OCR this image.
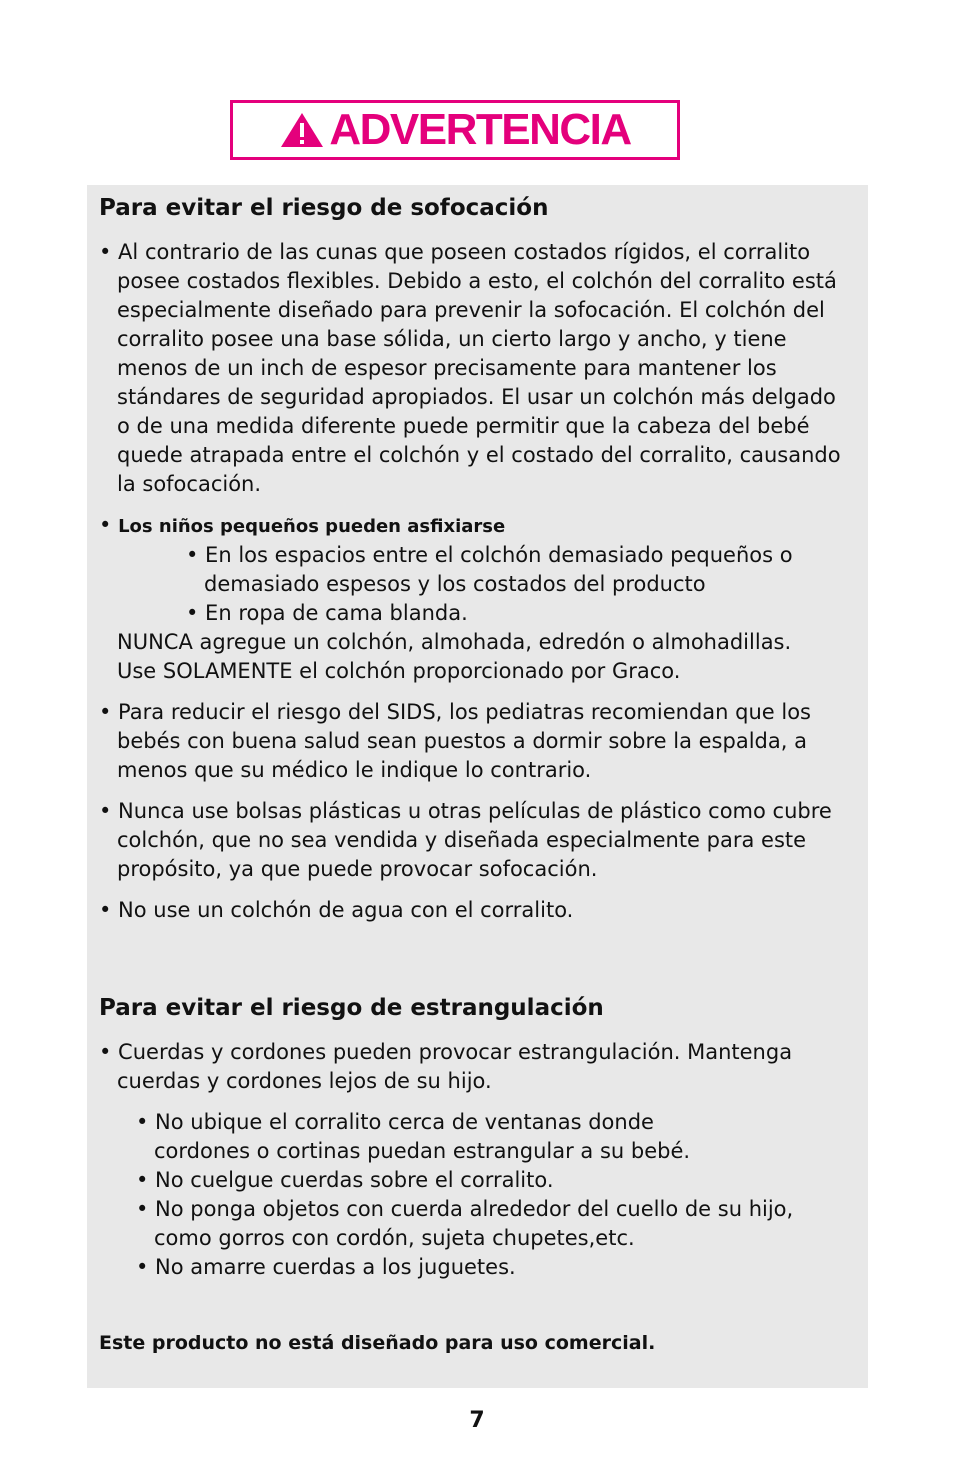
ADVERTENCIA
Para evitar el riesgo de sofocación
• Al contrario de las cunas que poseen costados rígidos, el corralito
posee costados flexibles. Debido a esto, el colchón del corralito está
especialmente diseñado para prevenir la sofocación. El colchón del
corralito posee una base sólida, un cierto largo y ancho, y tiene
menos de un inch de espesor precisamente para mantener los
stándares de seguridad apropiados. El usar un colchón más delgado
o de una medida diferente puede permitir que la cabeza del bebé
quede atrapada entre el colchón y el costado del corralito, causando
la sofocación.
• Los niños pequeños pueden asfixiarse
• En los espacios entre el colchón demasiado pequeños o
demasiado espesos y los costados del producto
• En ropa de cama blanda.
NUNCA agregue un colchón, almohada, edredón o almohadillas.
Use SOLAMENTE el colchón proporcionado por Graco.
• Para reducir el riesgo del SIDS, los pediatras recomiendan que los
bebés con buena salud sean puestos a dormir sobre la espalda, a
menos que su médico le indique lo contrario.
• Nunca use bolsas plásticas u otras películas de plástico como cubre
colchón, que no sea vendida y diseñada especialmente para este
propósito, ya que puede provocar sofocación.
• No use un colchón de agua con el corralito.
Para evitar el riesgo de estrangulación
• Cuerdas y cordones pueden provocar estrangulación. Mantenga
cuerdas y cordones lejos de su hijo.
• No ubique el corralito cerca de ventanas donde
cordones o cortinas puedan estrangular a su bebé.
• No cuelgue cuerdas sobre el corralito.
• No ponga objetos con cuerda alrededor del cuello de su hijo,
como gorros con cordón, sujeta chupetes,etc.
• No amarre cuerdas a los juguetes.
Este producto no está diseñado para uso comercial.
7
